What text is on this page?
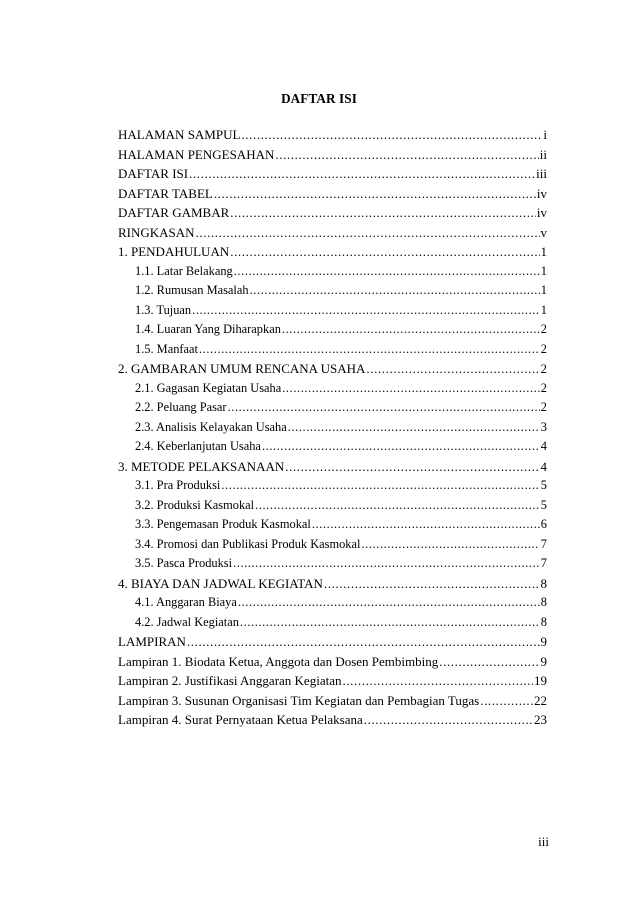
DAFTAR ISI
HALAMAN SAMPUL .....	i
HALAMAN PENGESAHAN .....	ii
DAFTAR ISI .....	iii
DAFTAR TABEL .....	iv
DAFTAR GAMBAR .....	iv
RINGKASAN .....	v
1. PENDAHULUAN .....	1
1.1. Latar Belakang .....	1
1.2. Rumusan Masalah .....	1
1.3. Tujuan .....	1
1.4. Luaran Yang Diharapkan .....	2
1.5. Manfaat .....	2
2. GAMBARAN UMUM RENCANA USAHA .....	2
2.1. Gagasan Kegiatan Usaha .....	2
2.2. Peluang Pasar .....	2
2.3. Analisis Kelayakan Usaha .....	3
2.4. Keberlanjutan Usaha .....	4
3. METODE PELAKSANAAN .....	4
3.1. Pra Produksi .....	5
3.2. Produksi Kasmokal .....	5
3.3. Pengemasan Produk Kasmokal .....	6
3.4. Promosi dan Publikasi Produk Kasmokal .....	7
3.5. Pasca Produksi .....	7
4. BIAYA DAN JADWAL KEGIATAN .....	8
4.1. Anggaran Biaya .....	8
4.2. Jadwal Kegiatan .....	8
LAMPIRAN .....	9
Lampiran 1. Biodata Ketua, Anggota dan Dosen Pembimbing .....	9
Lampiran 2. Justifikasi Anggaran Kegiatan .....	19
Lampiran 3. Susunan Organisasi Tim Kegiatan dan Pembagian Tugas .....	22
Lampiran 4. Surat Pernyataan Ketua Pelaksana .....	23
iii
